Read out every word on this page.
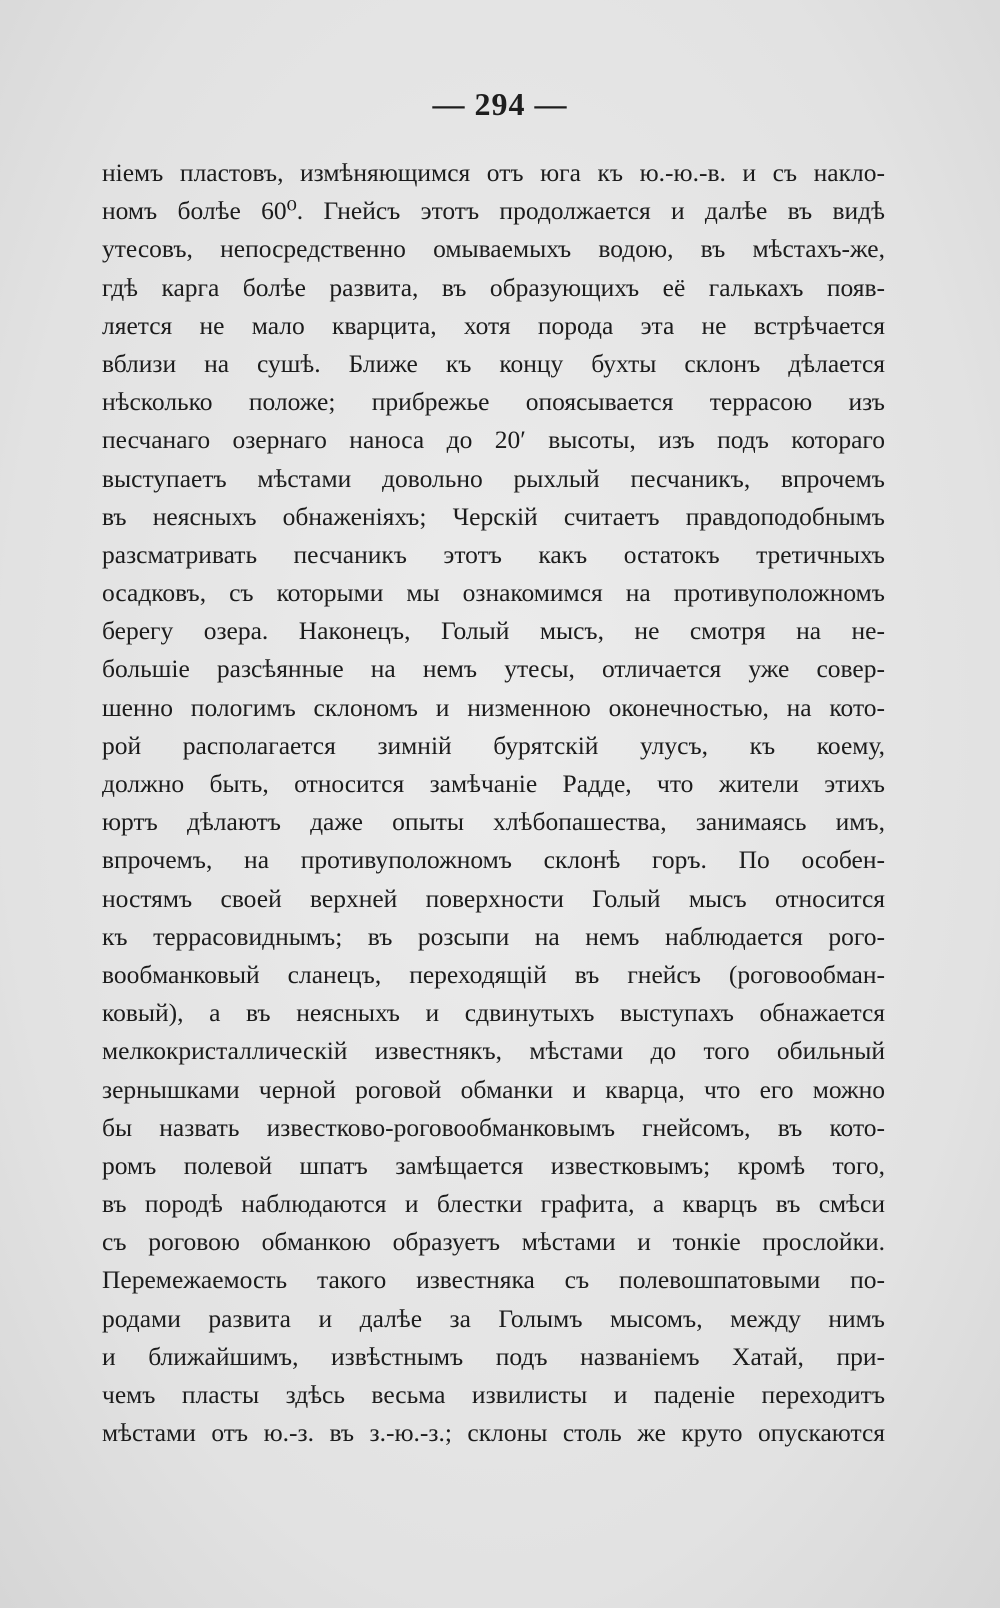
— 294 —
ніемъ пластовъ, измѣняющимся отъ юга къ ю.-ю.-в. и съ накло-
номъ болѣе 60⁰. Гнейсъ этотъ продолжается и далѣе въ видѣ
утесовъ, непосредственно омываемыхъ водою, въ мѣстахъ-же,
гдѣ карга болѣе развита, въ образующихъ её галькахъ появ-
ляется не мало кварцита, хотя порода эта не встрѣчается
вблизи на сушѣ. Ближе къ концу бухты склонъ дѣлается
нѣсколько положе; прибрежье опоясывается террасою изъ
песчанаго озернаго наноса до 20′ высоты, изъ подъ котораго
выступаетъ мѣстами довольно рыхлый песчаникъ, впрочемъ
въ неясныхъ обнаженіяхъ; Черскій считаетъ правдоподобнымъ
разсматривать песчаникъ этотъ какъ остатокъ третичныхъ
осадковъ, съ которыми мы ознакомимся на противуположномъ
берегу озера. Наконецъ, Голый мысъ, не смотря на не-
большіе разсѣянные на немъ утесы, отличается уже совер-
шенно пологимъ склономъ и низменною оконечностью, на кото-
рой располагается зимній бурятскій улусъ, къ коему,
должно быть, относится замѣчаніе Радде, что жители этихъ
юртъ дѣлаютъ даже опыты хлѣбопашества, занимаясь имъ,
впрочемъ, на противуположномъ склонѣ горъ. По особен-
ностямъ своей верхней поверхности Голый мысъ относится
къ террасовиднымъ; въ розсыпи на немъ наблюдается рого-
вообманковый сланецъ, переходящій въ гнейсъ (роговообман-
ковый), а въ неясныхъ и сдвинутыхъ выступахъ обнажается
мелкокристаллическій известнякъ, мѣстами до того обильный
зернышками черной роговой обманки и кварца, что его можно
бы назвать известково-роговообманковымъ гнейсомъ, въ кото-
ромъ полевой шпатъ замѣщается известковымъ; кромѣ того,
въ породѣ наблюдаются и блестки графита, а кварцъ въ смѣси
съ роговою обманкою образуетъ мѣстами и тонкіе прослойки.
Перемежаемость такого известняка съ полевошпатовыми по-
родами развита и далѣе за Голымъ мысомъ, между нимъ
и ближайшимъ, извѣстнымъ подъ названіемъ Хатай, при-
чемъ пласты здѣсь весьма извилисты и паденіе переходитъ
мѣстами отъ ю.-з. въ з.-ю.-з.; склоны столь же круто опускаются
